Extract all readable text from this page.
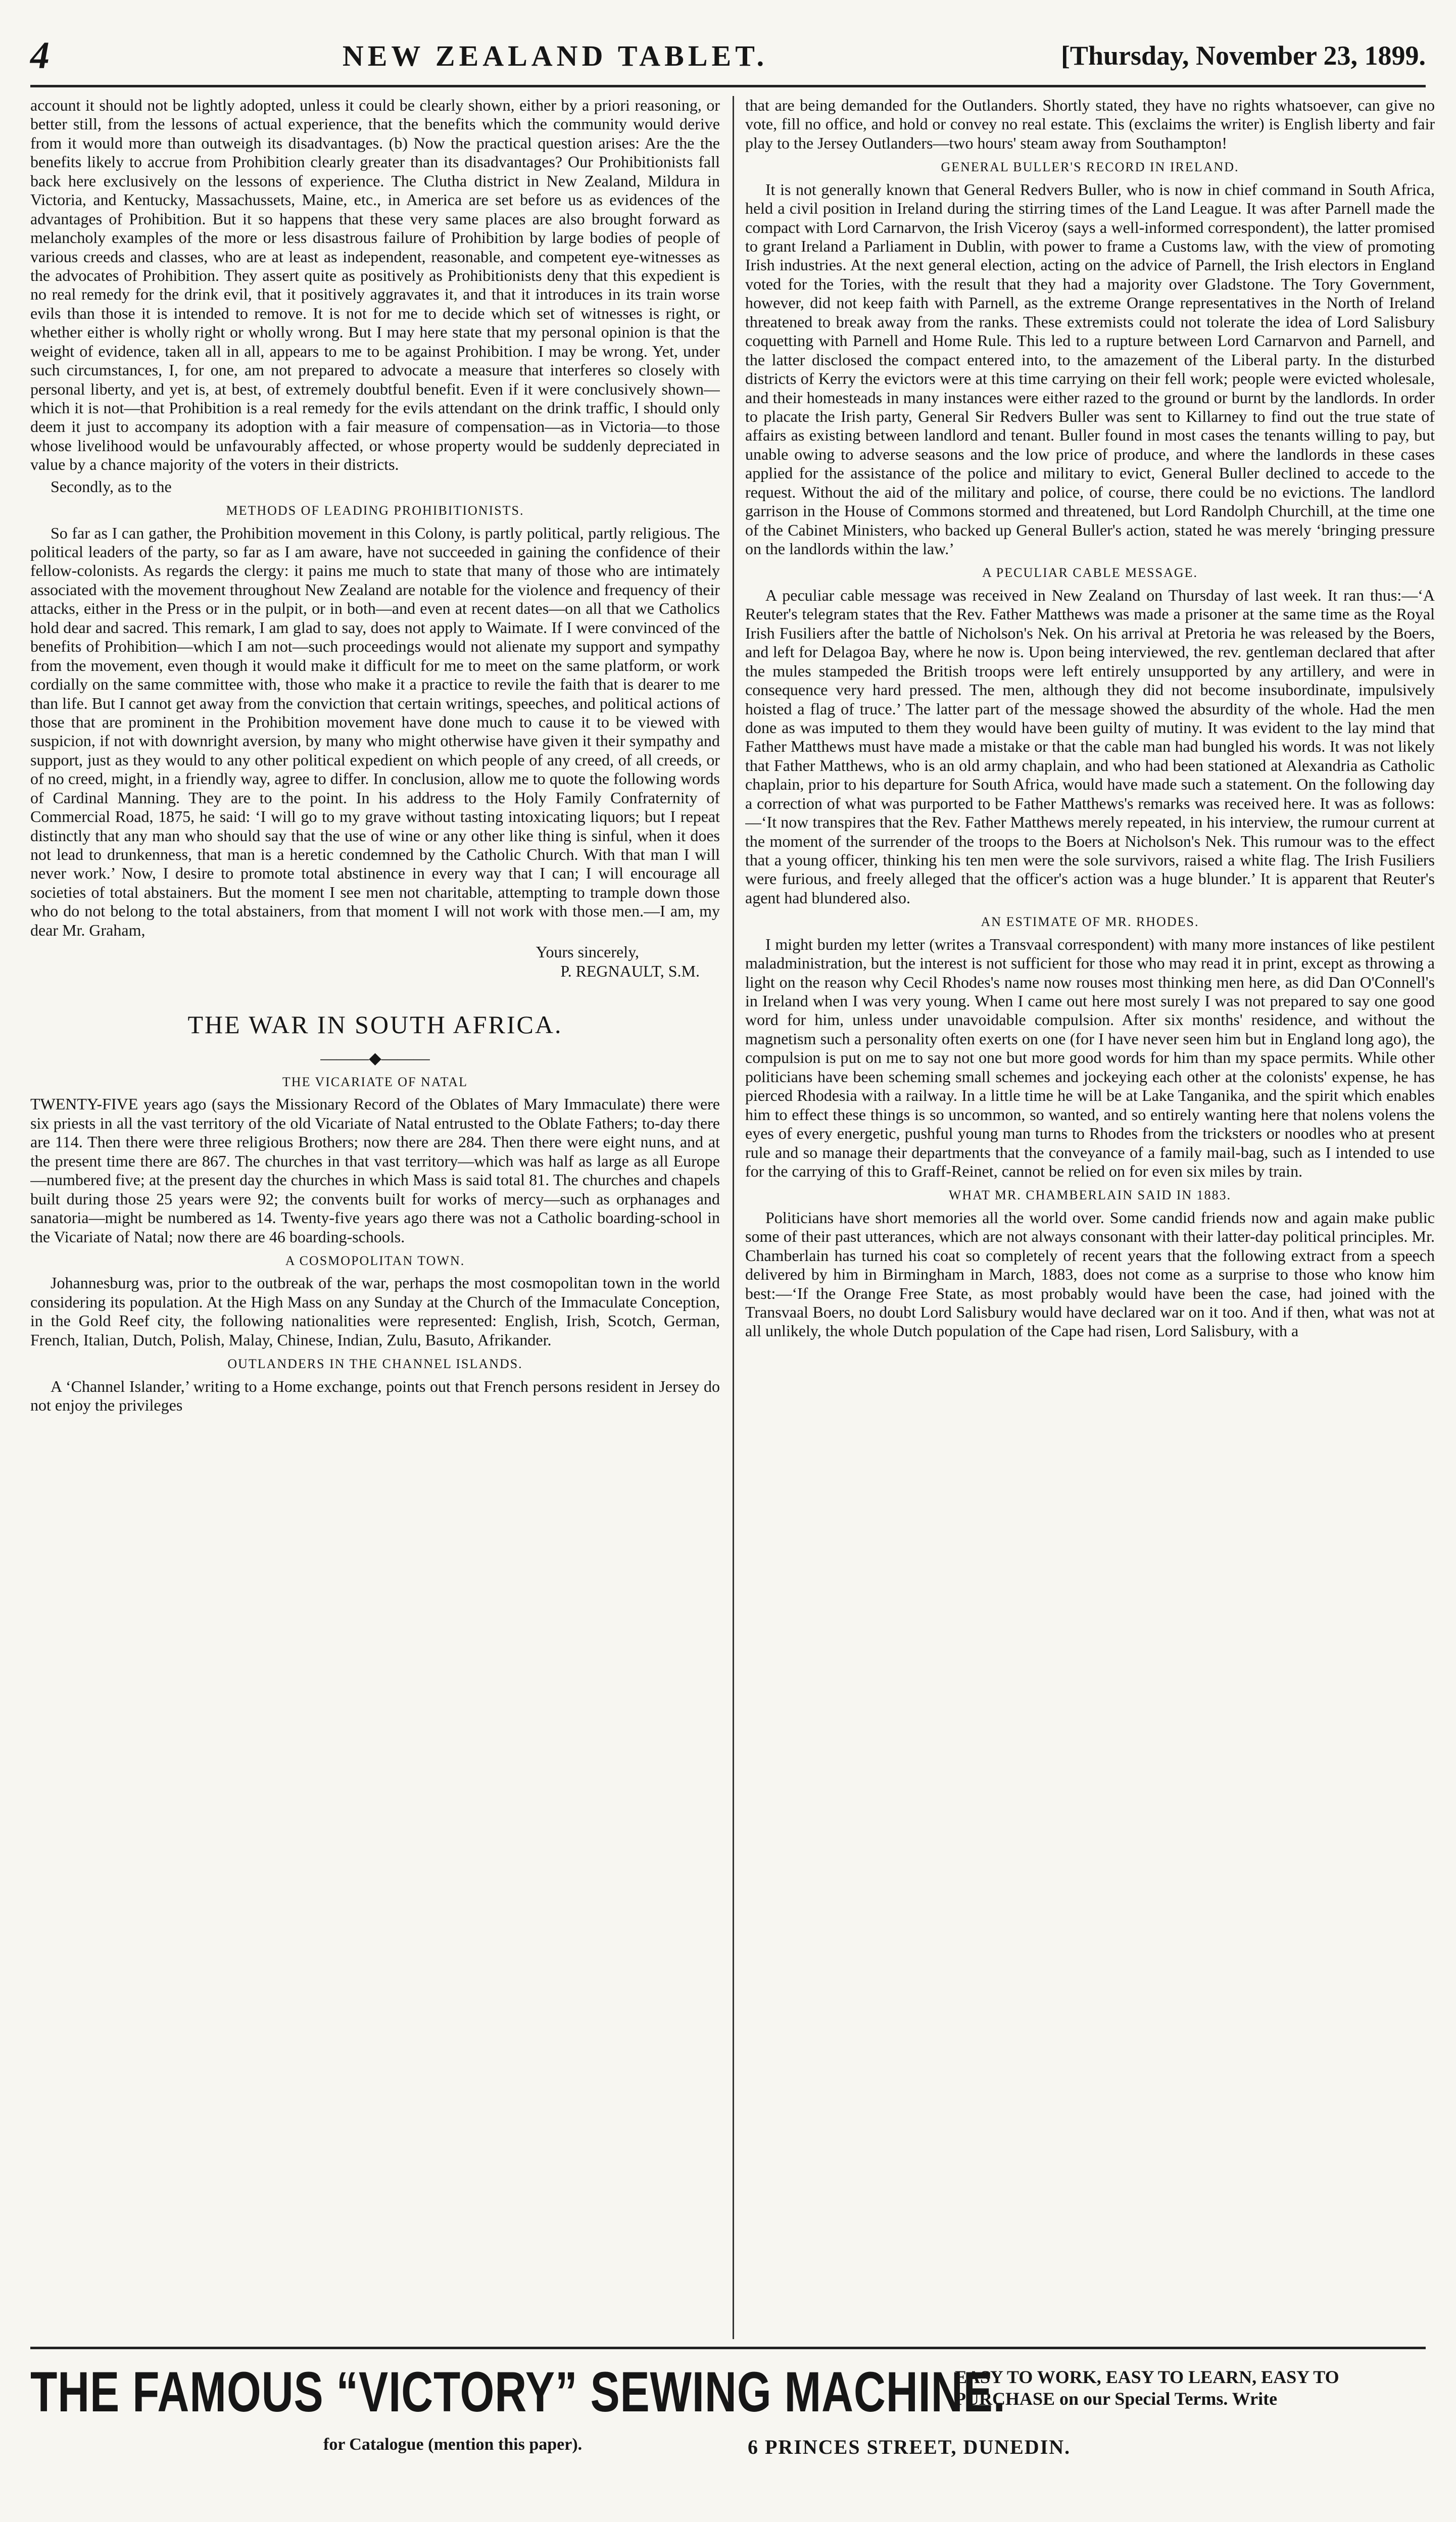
4	NEW ZEALAND TABLET.	[Thursday, November 23, 1899.

account it should not be lightly adopted, unless it could be clearly shown, either by a priori reasoning, or better still, from the lessons of actual experience, that the benefits which the community would derive from it would more than outweigh its disadvantages. (b) Now the practical question arises: Are the the benefits likely to accrue from Prohibition clearly greater than its disadvantages? Our Prohibitionists fall back here exclusively on the lessons of experience. The Clutha district in New Zealand, Mildura in Victoria, and Kentucky, Massachussets, Maine, etc., in America are set before us as evidences of the advantages of Prohibition. But it so happens that these very same places are also brought forward as melancholy examples of the more or less disastrous failure of Prohibition by large bodies of people of various creeds and classes, who are at least as independent, reasonable, and competent eye-witnesses as the advocates of Prohibition. They assert quite as positively as Prohibitionists deny that this expedient is no real remedy for the drink evil, that it positively aggravates it, and that it introduces in its train worse evils than those it is intended to remove. It is not for me to decide which set of witnesses is right, or whether either is wholly right or wholly wrong. But I may here state that my personal opinion is that the weight of evidence, taken all in all, appears to me to be against Prohibition. I may be wrong. Yet, under such circumstances, I, for one, am not prepared to advocate a measure that interferes so closely with personal liberty, and yet is, at best, of extremely doubtful benefit. Even if it were conclusively shown—which it is not—that Prohibition is a real remedy for the evils attendant on the drink traffic, I should only deem it just to accompany its adoption with a fair measure of compensation—as in Victoria—to those whose livelihood would be unfavourably affected, or whose property would be suddenly depreciated in value by a chance majority of the voters in their districts.

Secondly, as to the

METHODS OF LEADING PROHIBITIONISTS.

So far as I can gather, the Prohibition movement in this Colony, is partly political, partly religious. The political leaders of the party, so far as I am aware, have not succeeded in gaining the confidence of their fellow-colonists. As regards the clergy: it pains me much to state that many of those who are intimately associated with the movement throughout New Zealand are notable for the violence and frequency of their attacks, either in the Press or in the pulpit, or in both—and even at recent dates—on all that we Catholics hold dear and sacred. This remark, I am glad to say, does not apply to Waimate. If I were convinced of the benefits of Prohibition—which I am not—such proceedings would not alienate my support and sympathy from the movement, even though it would make it difficult for me to meet on the same platform, or work cordially on the same committee with, those who make it a practice to revile the faith that is dearer to me than life. But I cannot get away from the conviction that certain writings, speeches, and political actions of those that are prominent in the Prohibition movement have done much to cause it to be viewed with suspicion, if not with downright aversion, by many who might otherwise have given it their sympathy and support, just as they would to any other political expedient on which people of any creed, of all creeds, or of no creed, might, in a friendly way, agree to differ. In conclusion, allow me to quote the following words of Cardinal Manning. They are to the point. In his address to the Holy Family Confraternity of Commercial Road, 1875, he said: ‘I will go to my grave without tasting intoxicating liquors; but I repeat distinctly that any man who should say that the use of wine or any other like thing is sinful, when it does not lead to drunkenness, that man is a heretic condemned by the Catholic Church. With that man I will never work.’ Now, I desire to promote total abstinence in every way that I can; I will encourage all societies of total abstainers. But the moment I see men not charitable, attempting to trample down those who do not belong to the total abstainers, from that moment I will not work with those men.—I am, my dear Mr. Graham,

Yours sincerely,
P. REGNAULT, S.M.
THE WAR IN SOUTH AFRICA.
———◆———
THE VICARIATE OF NATAL

TWENTY-FIVE years ago (says the Missionary Record of the Oblates of Mary Immaculate) there were six priests in all the vast territory of the old Vicariate of Natal entrusted to the Oblate Fathers; to-day there are 114. Then there were three religious Brothers; now there are 284. Then there were eight nuns, and at the present time there are 867. The churches in that vast territory—which was half as large as all Europe—numbered five; at the present day the churches in which Mass is said total 81. The churches and chapels built during those 25 years were 92; the convents built for works of mercy—such as orphanages and sanatoria—might be numbered as 14. Twenty-five years ago there was not a Catholic boarding-school in the Vicariate of Natal; now there are 46 boarding-schools.

A COSMOPOLITAN TOWN.

Johannesburg was, prior to the outbreak of the war, perhaps the most cosmopolitan town in the world considering its population. At the High Mass on any Sunday at the Church of the Immaculate Conception, in the Gold Reef city, the following nationalities were represented: English, Irish, Scotch, German, French, Italian, Dutch, Polish, Malay, Chinese, Indian, Zulu, Basuto, Afrikander.

OUTLANDERS IN THE CHANNEL ISLANDS.

A ‘Channel Islander,’ writing to a Home exchange, points out that French persons resident in Jersey do not enjoy the privileges

that are being demanded for the Outlanders. Shortly stated, they have no rights whatsoever, can give no vote, fill no office, and hold or convey no real estate. This (exclaims the writer) is English liberty and fair play to the Jersey Outlanders—two hours' steam away from Southampton!

GENERAL BULLER'S RECORD IN IRELAND.

It is not generally known that General Redvers Buller, who is now in chief command in South Africa, held a civil position in Ireland during the stirring times of the Land League. It was after Parnell made the compact with Lord Carnarvon, the Irish Viceroy (says a well-informed correspondent), the latter promised to grant Ireland a Parliament in Dublin, with power to frame a Customs law, with the view of promoting Irish industries. At the next general election, acting on the advice of Parnell, the Irish electors in England voted for the Tories, with the result that they had a majority over Gladstone. The Tory Government, however, did not keep faith with Parnell, as the extreme Orange representatives in the North of Ireland threatened to break away from the ranks. These extremists could not tolerate the idea of Lord Salisbury coquetting with Parnell and Home Rule. This led to a rupture between Lord Carnarvon and Parnell, and the latter disclosed the compact entered into, to the amazement of the Liberal party. In the disturbed districts of Kerry the evictors were at this time carrying on their fell work; people were evicted wholesale, and their homesteads in many instances were either razed to the ground or burnt by the landlords. In order to placate the Irish party, General Sir Redvers Buller was sent to Killarney to find out the true state of affairs as existing between landlord and tenant. Buller found in most cases the tenants willing to pay, but unable owing to adverse seasons and the low price of produce, and where the landlords in these cases applied for the assistance of the police and military to evict, General Buller declined to accede to the request. Without the aid of the military and police, of course, there could be no evictions. The landlord garrison in the House of Commons stormed and threatened, but Lord Randolph Churchill, at the time one of the Cabinet Ministers, who backed up General Buller's action, stated he was merely ‘bringing pressure on the landlords within the law.’

A PECULIAR CABLE MESSAGE.

A peculiar cable message was received in New Zealand on Thursday of last week. It ran thus:—‘A Reuter's telegram states that the Rev. Father Matthews was made a prisoner at the same time as the Royal Irish Fusiliers after the battle of Nicholson's Nek. On his arrival at Pretoria he was released by the Boers, and left for Delagoa Bay, where he now is. Upon being interviewed, the rev. gentleman declared that after the mules stampeded the British troops were left entirely unsupported by any artillery, and were in consequence very hard pressed. The men, although they did not become insubordinate, impulsively hoisted a flag of truce.’ The latter part of the message showed the absurdity of the whole. Had the men done as was imputed to them they would have been guilty of mutiny. It was evident to the lay mind that Father Matthews must have made a mistake or that the cable man had bungled his words. It was not likely that Father Matthews, who is an old army chaplain, and who had been stationed at Alexandria as Catholic chaplain, prior to his departure for South Africa, would have made such a statement. On the following day a correction of what was purported to be Father Matthews's remarks was received here. It was as follows:—‘It now transpires that the Rev. Father Matthews merely repeated, in his interview, the rumour current at the moment of the surrender of the troops to the Boers at Nicholson's Nek. This rumour was to the effect that a young officer, thinking his ten men were the sole survivors, raised a white flag. The Irish Fusiliers were furious, and freely alleged that the officer's action was a huge blunder.’ It is apparent that Reuter's agent had blundered also.

AN ESTIMATE OF MR. RHODES.

I might burden my letter (writes a Transvaal correspondent) with many more instances of like pestilent maladministration, but the interest is not sufficient for those who may read it in print, except as throwing a light on the reason why Cecil Rhodes's name now rouses most thinking men here, as did Dan O'Connell's in Ireland when I was very young. When I came out here most surely I was not prepared to say one good word for him, unless under unavoidable compulsion. After six months' residence, and without the magnetism such a personality often exerts on one (for I have never seen him but in England long ago), the compulsion is put on me to say not one but more good words for him than my space permits. While other politicians have been scheming small schemes and jockeying each other at the colonists' expense, he has pierced Rhodesia with a railway. In a little time he will be at Lake Tanganika, and the spirit which enables him to effect these things is so uncommon, so wanted, and so entirely wanting here that nolens volens the eyes of every energetic, pushful young man turns to Rhodes from the tricksters or noodles who at present rule and so manage their departments that the conveyance of a family mail-bag, such as I intended to use for the carrying of this to Graff-Reinet, cannot be relied on for even six miles by train.

WHAT MR. CHAMBERLAIN SAID IN 1883.

Politicians have short memories all the world over. Some candid friends now and again make public some of their past utterances, which are not always consonant with their latter-day political principles. Mr. Chamberlain has turned his coat so completely of recent years that the following extract from a speech delivered by him in Birmingham in March, 1883, does not come as a surprise to those who know him best:—‘If the Orange Free State, as most probably would have been the case, had joined with the Transvaal Boers, no doubt Lord Salisbury would have declared war on it too. And if then, what was not at all unlikely, the whole Dutch population of the Cape had risen, Lord Salisbury, with a

THE FAMOUS “VICTORY” SEWING MACHINE.
EASY TO WORK, EASY TO LEARN, EASY TO PURCHASE on our Special Terms. Write
for Catalogue (mention this paper).	6 PRINCES STREET, DUNEDIN.
